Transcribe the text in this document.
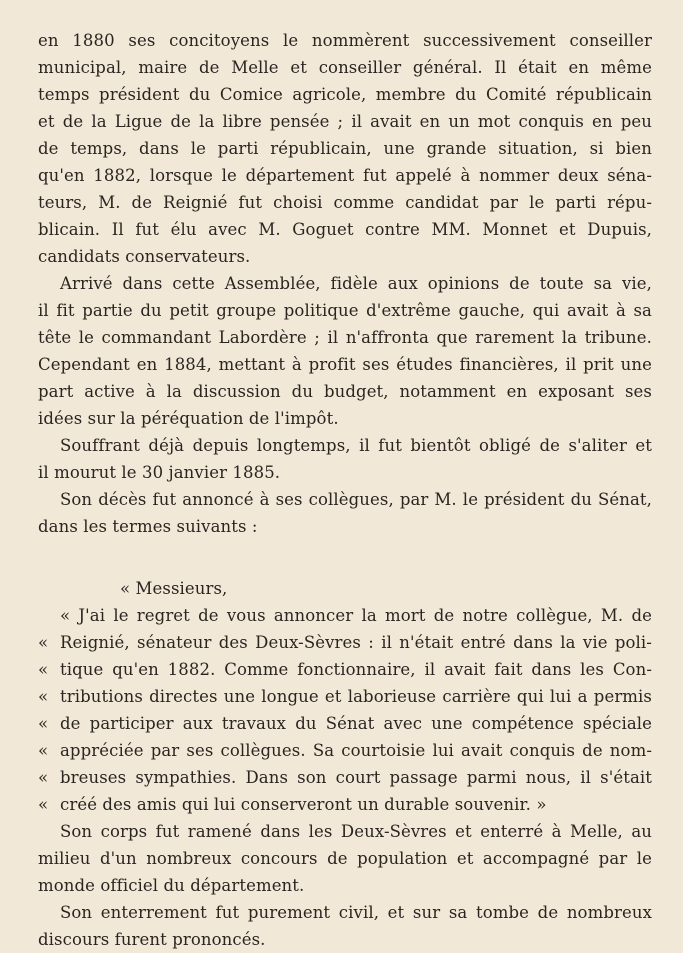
en 1880 ses concitoyens le nommèrent successivement conseiller
municipal, maire de Melle et conseiller général. Il était en même
temps président du Comice agricole, membre du Comité républicain
et de la Ligue de la libre pensée ; il avait en un mot conquis en peu
de temps, dans le parti républicain, une grande situation, si bien
qu'en 1882, lorsque le département fut appelé à nommer deux séna-
teurs, M. de Reignié fut choisi comme candidat par le parti répu-
blicain. Il fut élu avec M. Goguet contre MM. Monnet et Dupuis,
candidats conservateurs.
Arrivé dans cette Assemblée, fidèle aux opinions de toute sa vie,
il fit partie du petit groupe politique d'extrême gauche, qui avait à sa
tête le commandant Labordère ; il n'affronta que rarement la tribune.
Cependant en 1884, mettant à profit ses études financières, il prit une
part active à la discussion du budget, notamment en exposant ses
idées sur la péréquation de l'impôt.
Souffrant déjà depuis longtemps, il fut bientôt obligé de s'aliter et
il mourut le 30 janvier 1885.
Son décès fut annoncé à ses collègues, par M. le président du Sénat,
dans les termes suivants :
« Messieurs,
« J'ai le regret de vous annoncer la mort de notre collègue, M. de
« Reignié, sénateur des Deux-Sèvres : il n'était entré dans la vie poli-
« tique qu'en 1882. Comme fonctionnaire, il avait fait dans les Con-
« tributions directes une longue et laborieuse carrière qui lui a permis
« de participer aux travaux du Sénat avec une compétence spéciale
« appréciée par ses collègues. Sa courtoisie lui avait conquis de nom-
« breuses sympathies. Dans son court passage parmi nous, il s'était
« créé des amis qui lui conserveront un durable souvenir. »
Son corps fut ramené dans les Deux-Sèvres et enterré à Melle, au
milieu d'un nombreux concours de population et accompagné par le
monde officiel du département.
Son enterrement fut purement civil, et sur sa tombe de nombreux
discours furent prononcés.
